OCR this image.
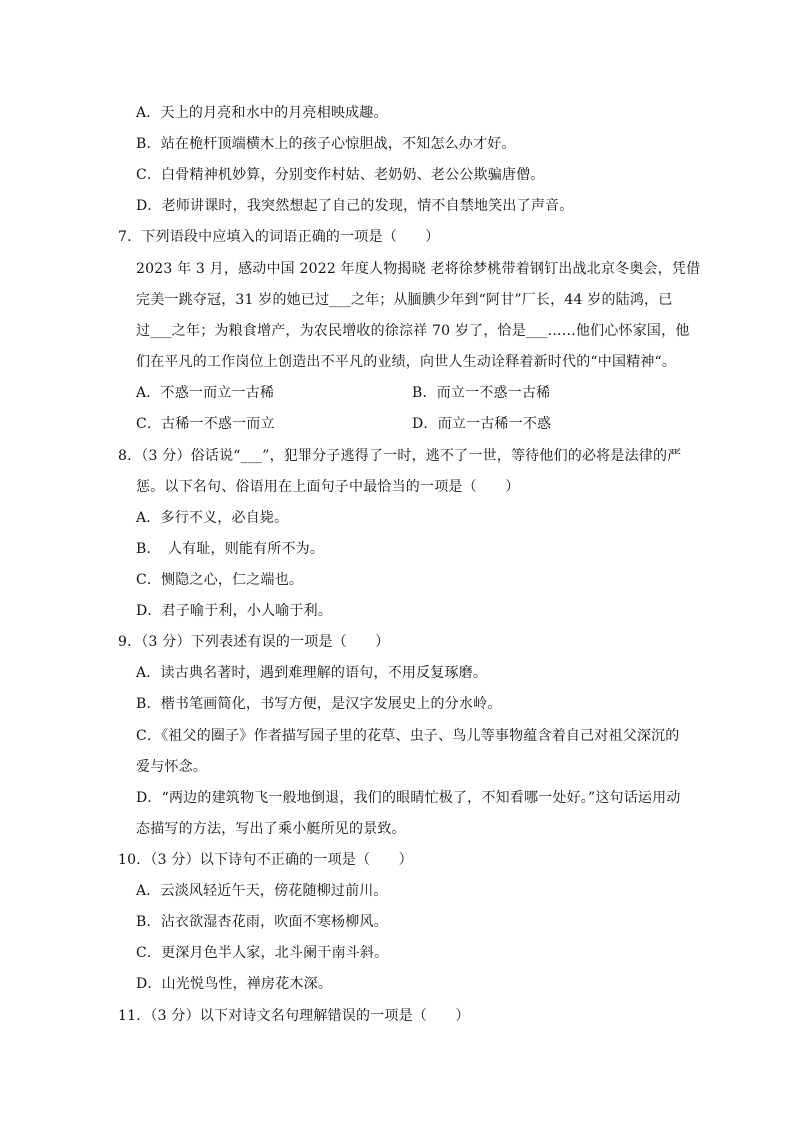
A．天上的月亮和水中的月亮相映成趣。
B．站在桅杆顶端横木上的孩子心惊胆战，不知怎么办才好。
C．白骨精神机妙算，分别变作村姑、老奶奶、老公公欺骗唐僧。
D．老师讲课时，我突然想起了自己的发现，情不自禁地笑出了声音。
7．下列语段中应填入的词语正确的一项是（　　）
2023 年 3 月，感动中国 2022 年度人物揭晓 老将徐梦桃带着钢钉出战北京冬奥会，凭借
完美一跳夺冠，31 岁的她已过___之年；从腼腆少年到“阿甘”厂长，44 岁的陆鸿，已
过___之年；为粮食增产，为农民增收的徐淙祥 70 岁了，恰是___……他们心怀家国，他
们在平凡的工作岗位上创造出不平凡的业绩，向世人生动诠释着新时代的“中国精神“。
A．不惑一而立一古稀	B．而立一不惑一古稀
C．古稀一不惑一而立	D．而立一古稀一不惑
8．（3 分）俗话说“___”，犯罪分子逃得了一时，逃不了一世，等待他们的必将是法律的严
惩。以下名句、俗语用在上面句子中最恰当的一项是（　　）
A．多行不义，必自毙。
B．　人有耻，则能有所不为。
C．恻隐之心，仁之端也。
D．君子喻于利，小人喻于利。
9．（3 分）下列表述有误的一项是（　　）
A．读古典名著时，遇到难理解的语句，不用反复琢磨。
B．楷书笔画简化，书写方便，是汉字发展史上的分水岭。
C．《祖父的圈子》作者描写园子里的花草、虫子、鸟儿等事物蕴含着自己对祖父深沉的
爱与怀念。
D．“两边的建筑物飞一般地倒退，我们的眼睛忙极了，不知看哪一处好。”这句话运用动
态描写的方法，写出了乘小艇所见的景致。
10．（3 分）以下诗句不正确的一项是（　　）
A．云淡风轻近午天，傍花随柳过前川。
B．沾衣欲湿杏花雨，吹面不寒杨柳风。
C．更深月色半人家，北斗阑干南斗斜。
D．山光悦鸟性，禅房花木深。
11．（3 分）以下对诗文名句理解错误的一项是（　　）
